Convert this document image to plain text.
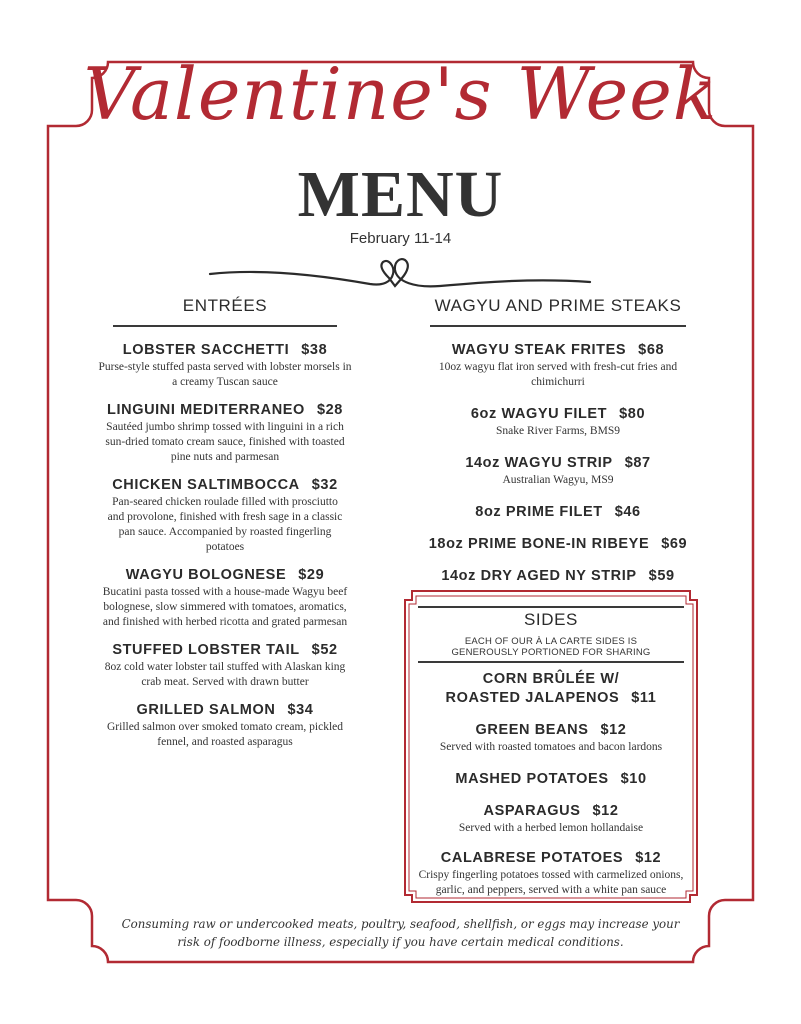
Valentine's Week
MENU
February 11-14
ENTRÉES
LOBSTER SACCHETTI $38
Purse-style stuffed pasta served with lobster morsels in a creamy Tuscan sauce
LINGUINI MEDITERRANEO $28
Sautéed jumbo shrimp tossed with linguini in a rich sun-dried tomato cream sauce, finished with toasted pine nuts and parmesan
CHICKEN SALTIMBOCCA $32
Pan-seared chicken roulade filled with prosciutto and provolone, finished with fresh sage in a classic pan sauce. Accompanied by roasted fingerling potatoes
WAGYU BOLOGNESE $29
Bucatini pasta tossed with a house-made Wagyu beef bolognese, slow simmered with tomatoes, aromatics, and finished with herbed ricotta and grated parmesan
STUFFED LOBSTER TAIL $52
8oz cold water lobster tail stuffed with Alaskan king crab meat. Served with drawn butter
GRILLED SALMON $34
Grilled salmon over smoked tomato cream, pickled fennel, and roasted asparagus
WAGYU AND PRIME STEAKS
WAGYU STEAK FRITES $68
10oz wagyu flat iron served with fresh-cut fries and chimichurri
6oz WAGYU FILET $80
Snake River Farms, BMS9
14oz WAGYU STRIP $87
Australian Wagyu, MS9
8oz PRIME FILET $46
18oz PRIME BONE-IN RIBEYE $69
14oz DRY AGED NY STRIP $59
SIDES
EACH OF OUR À LA CARTE SIDES IS
GENEROUSLY PORTIONED FOR SHARING
CORN BRÛLÉE W/
ROASTED JALAPENOS $11
GREEN BEANS $12
Served with roasted tomatoes and bacon lardons
MASHED POTATOES $10
ASPARAGUS $12
Served with a herbed lemon hollandaise
CALABRESE POTATOES $12
Crispy fingerling potatoes tossed with carmelized onions, garlic, and peppers, served with a white pan sauce
Consuming raw or undercooked meats, poultry, seafood, shellfish, or eggs may increase your
risk of foodborne illness, especially if you have certain medical conditions.
